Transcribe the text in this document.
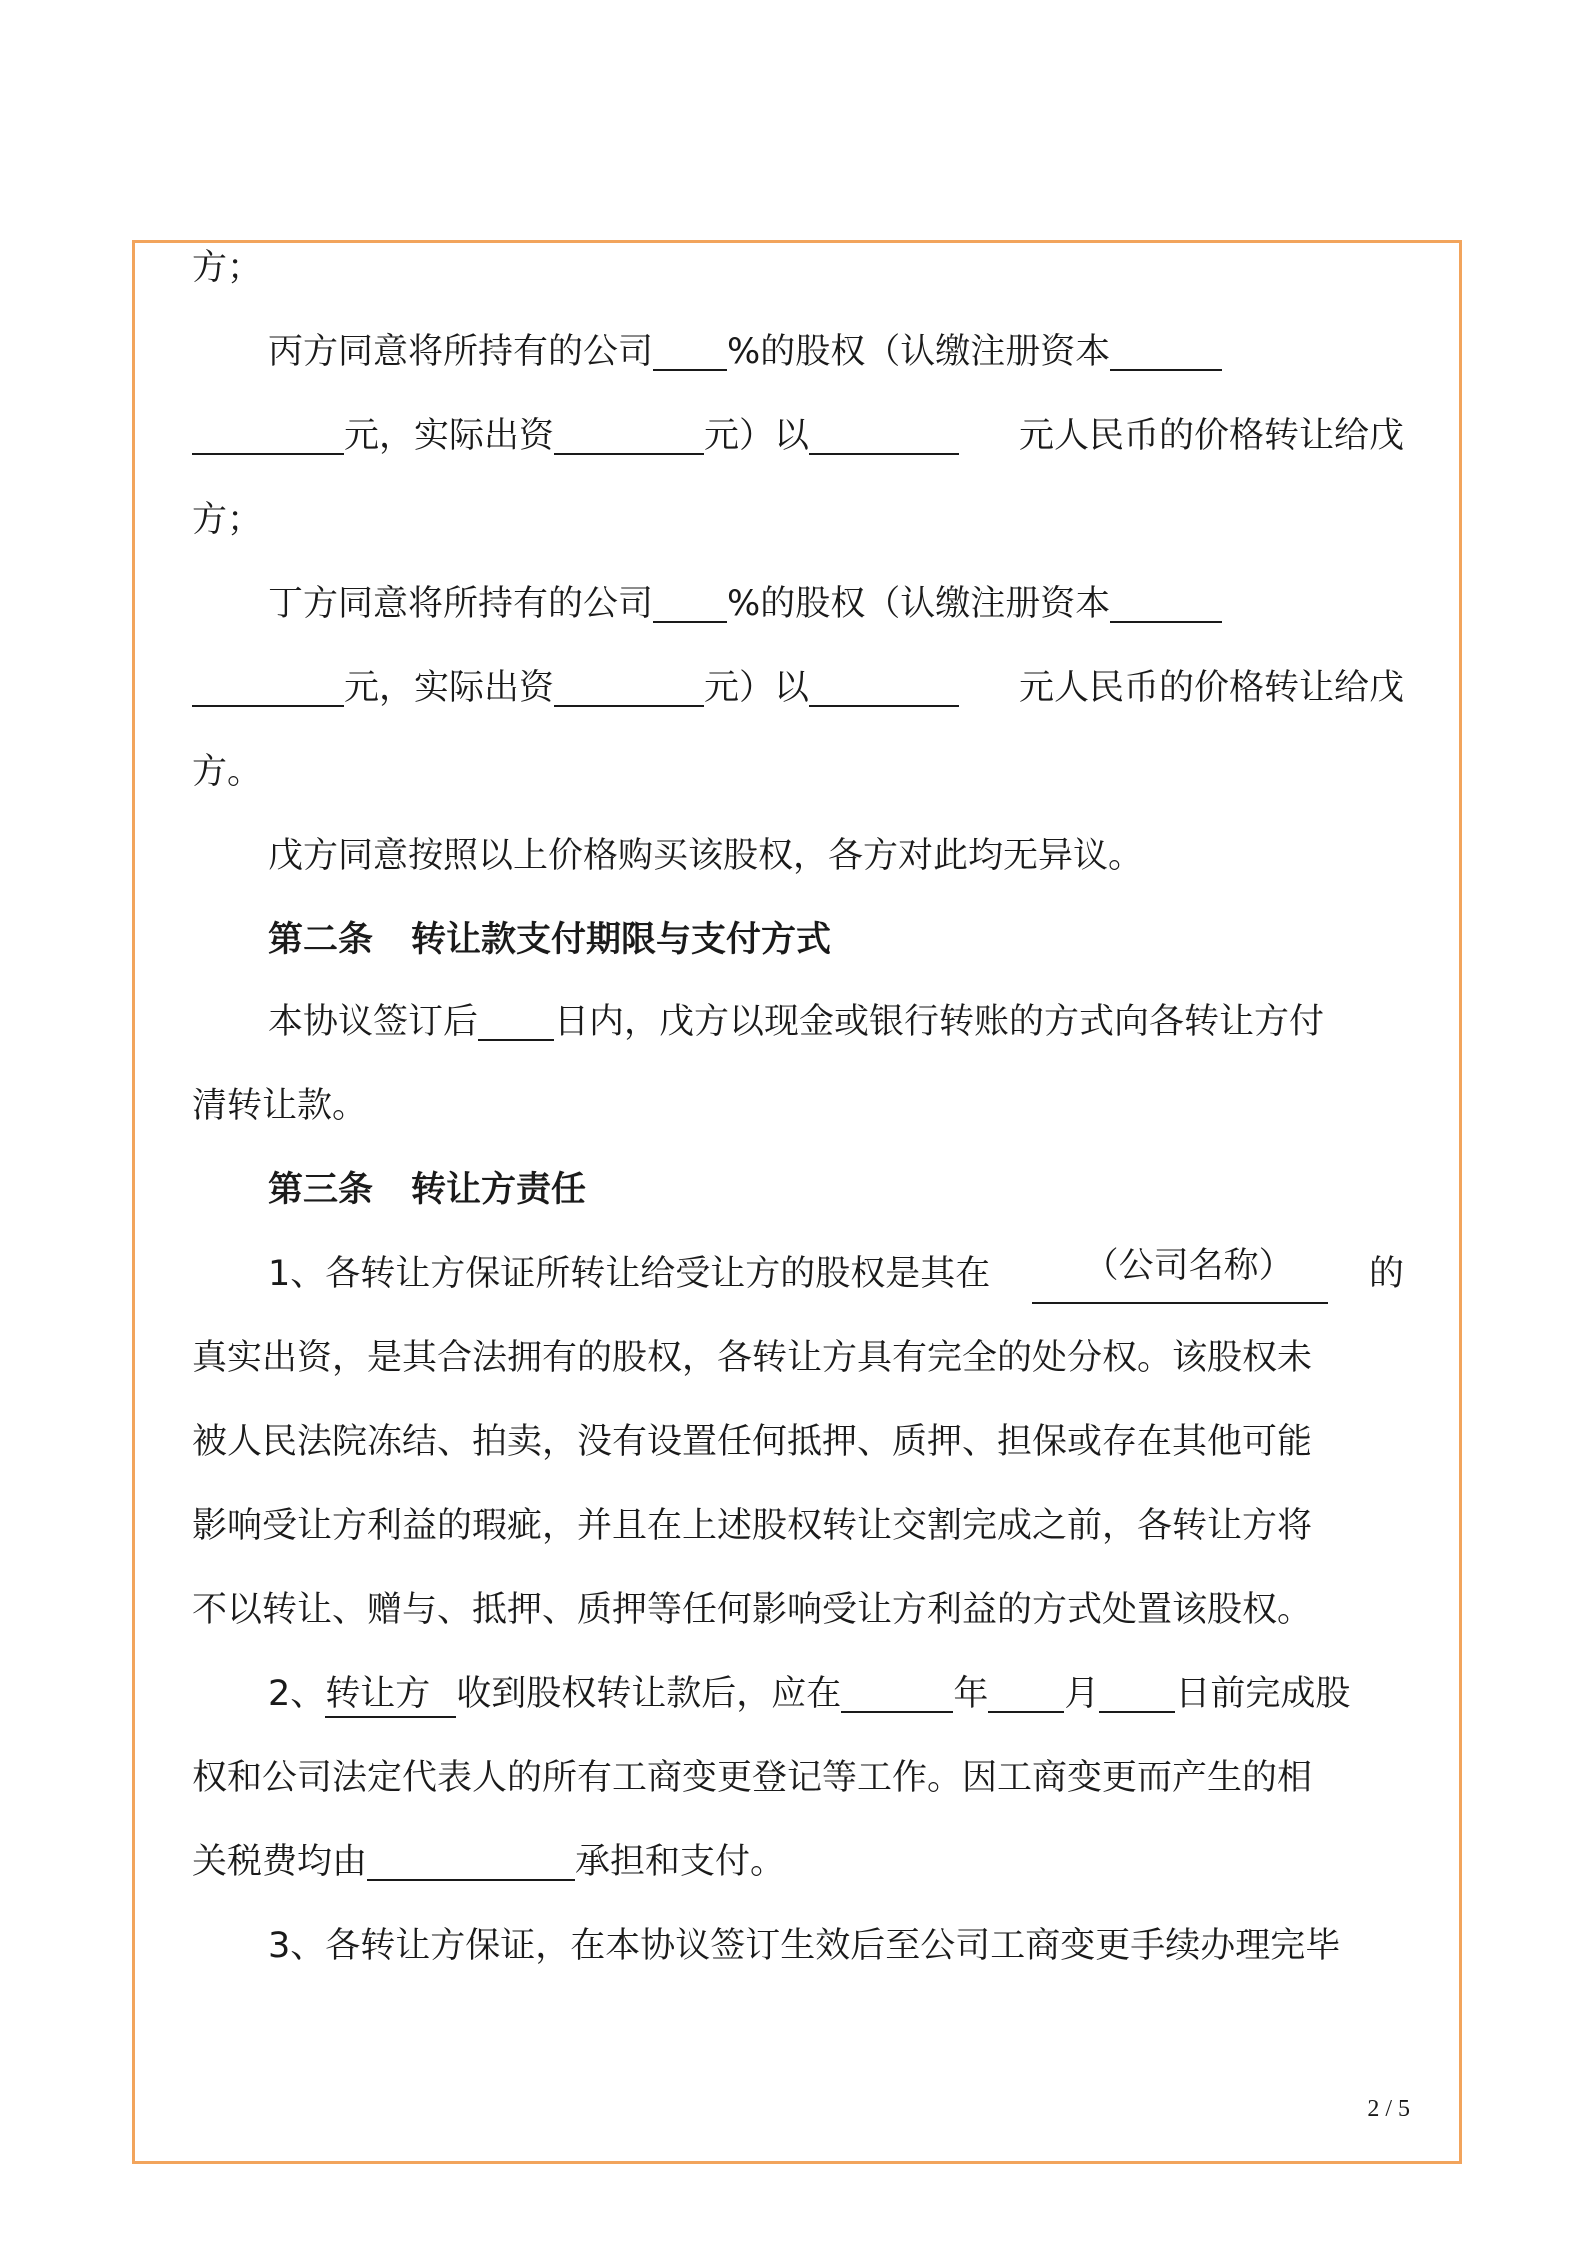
方；

丙方同意将所持有的公司 %的股权（认缴注册资本

元，实际出资	元）以	元人民币的价格转让给戊

方；

丁方同意将所持有的公司 %的股权（认缴注册资本

元，实际出资	元）以	元人民币的价格转让给戊

方。

戊方同意按照以上价格购买该股权，各方对此均无异议。

第二条 转让款支付期限与支付方式

本协议签订后 日内，戊方以现金或银行转账的方式向各转让方付

清转让款。

第三条 转让方责任

1、各转让方保证所转让给受让方的股权是其在	（公司名称）	的

真实出资，是其合法拥有的股权，各转让方具有完全的处分权。该股权未

被人民法院冻结、拍卖，没有设置任何抵押、质押、担保或存在其他可能

影响受让方利益的瑕疵，并且在上述股权转让交割完成之前，各转让方将

不以转让、赠与、抵押、质押等任何影响受让方利益的方式处置该股权。

2、转让方 收到股权转让款后，应在	年 月 日前完成股

权和公司法定代表人的所有工商变更登记等工作。因工商变更而产生的相

关税费均由	承担和支付。

3、各转让方保证，在本协议签订生效后至公司工商变更手续办理完毕

2 / 5
